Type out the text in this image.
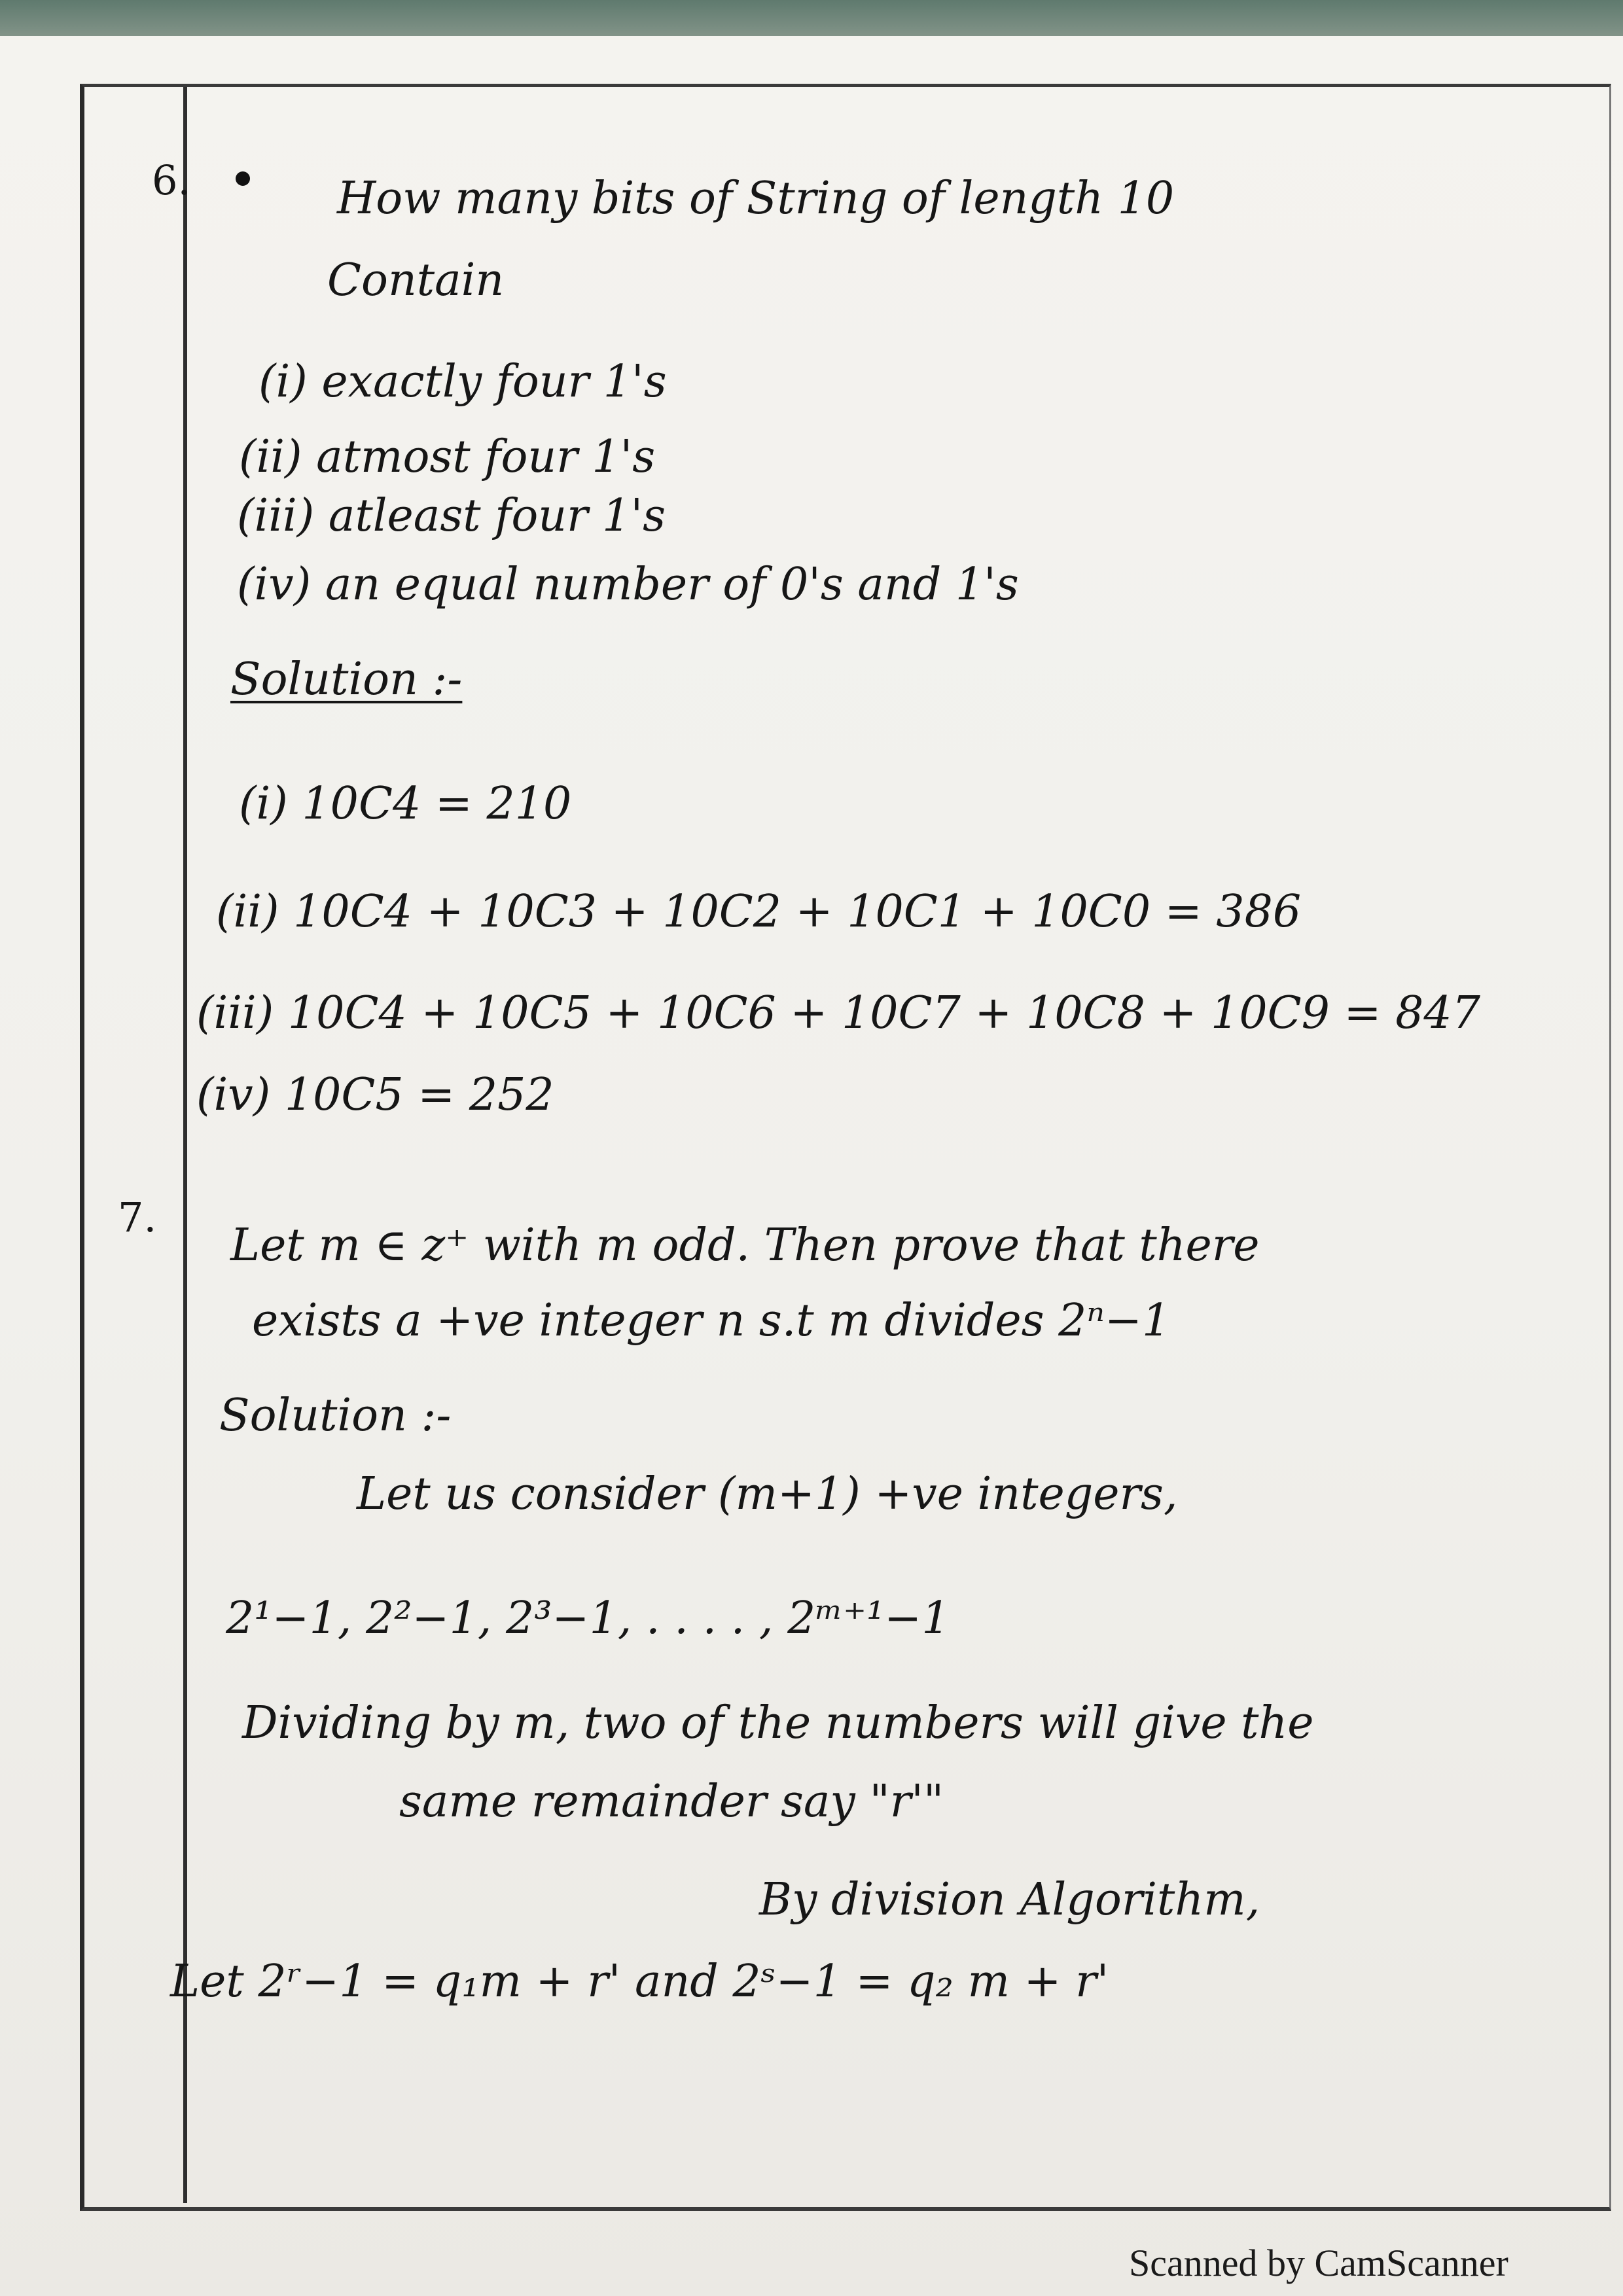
6.	How many bits of String of length 10
Contain
(i) exactly four 1's
(ii) atmost four 1's
(iii) atleast four 1's
(iv) an equal number of 0's and 1's
Solution :-
(i) 10C4 = 210
(ii) 10C4 + 10C3 + 10C2 + 10C1 + 10C0 = 386
(iii) 10C4 + 10C5 + 10C6 + 10C7 + 10C8 + 10C9 = 847
(iv) 10C5 = 252
7.
Let m ∈ z⁺ with m odd. Then prove that there
exists a +ve integer n s.t m divides 2ⁿ−1
Solution :-
Let us consider (m+1) +ve integers,
2¹−1, 2²−1, 2³−1, . . . . , 2ᵐ⁺¹−1
Dividing by m, two of the numbers will give the
same remainder say "r'"
By division Algorithm,
Let 2ʳ−1 = q₁m + r' and 2ˢ−1 = q₂ m + r'
Scanned by CamScanner
